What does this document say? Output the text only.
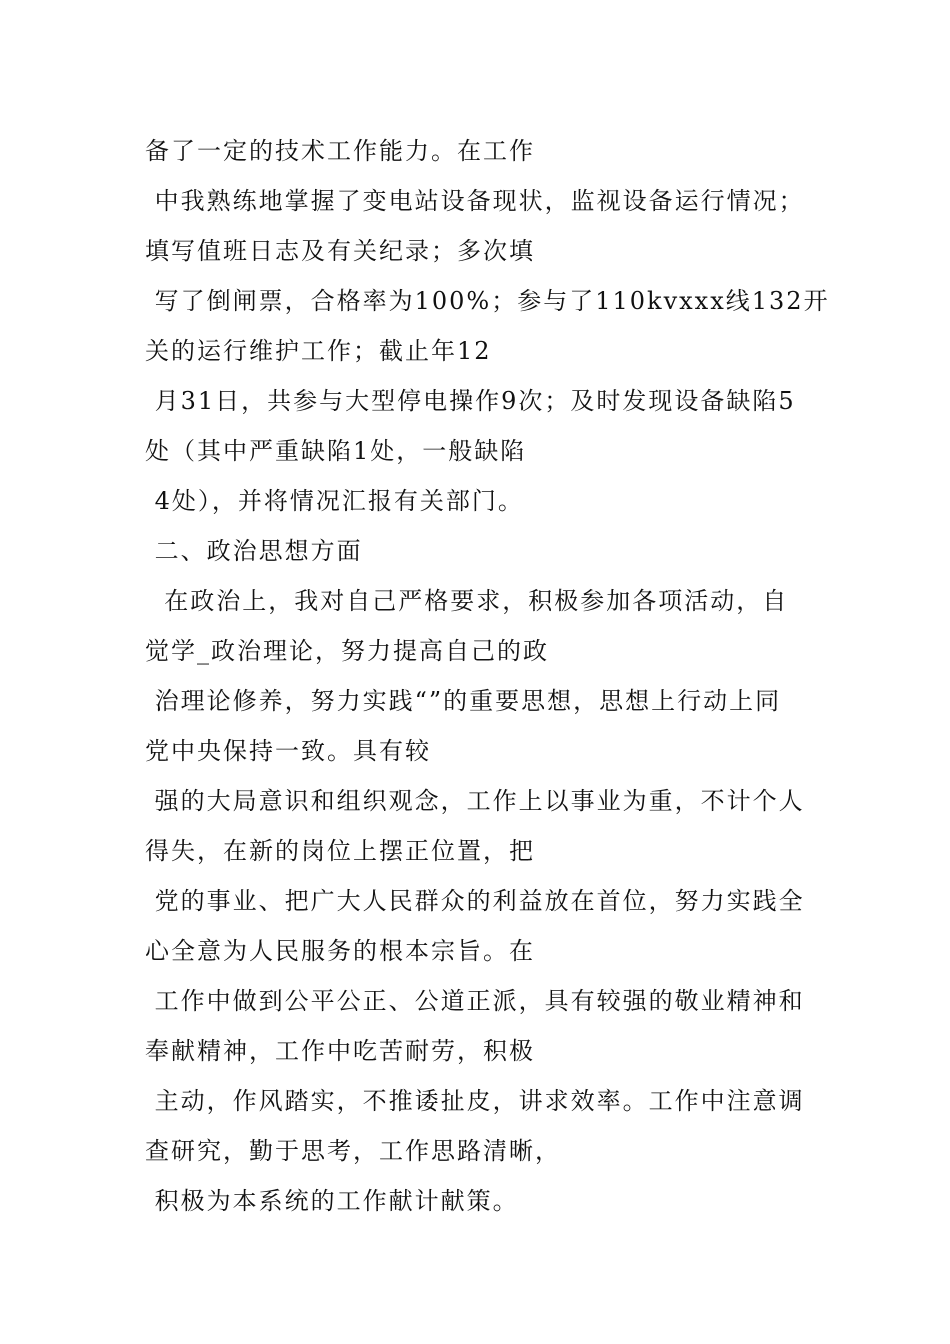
备了一定的技术工作能力。在工作
中我熟练地掌握了变电站设备现状，监视设备运行情况；
填写值班日志及有关纪录；多次填
写了倒闸票，合格率为100%；参与了110kvxxx线132开
关的运行维护工作；截止年12
月31日，共参与大型停电操作9次；及时发现设备缺陷5
处（其中严重缺陷1处，一般缺陷
4处），并将情况汇报有关部门。
二、政治思想方面
在政治上，我对自己严格要求，积极参加各项活动，自
觉学_政治理论，努力提高自己的政
治理论修养，努力实践“”的重要思想，思想上行动上同
党中央保持一致。具有较
强的大局意识和组织观念，工作上以事业为重，不计个人
得失，在新的岗位上摆正位置，把
党的事业、把广大人民群众的利益放在首位，努力实践全
心全意为人民服务的根本宗旨。在
工作中做到公平公正、公道正派，具有较强的敬业精神和
奉献精神，工作中吃苦耐劳，积极
主动，作风踏实，不推诿扯皮，讲求效率。工作中注意调
查研究，勤于思考，工作思路清晰，
积极为本系统的工作献计献策。
